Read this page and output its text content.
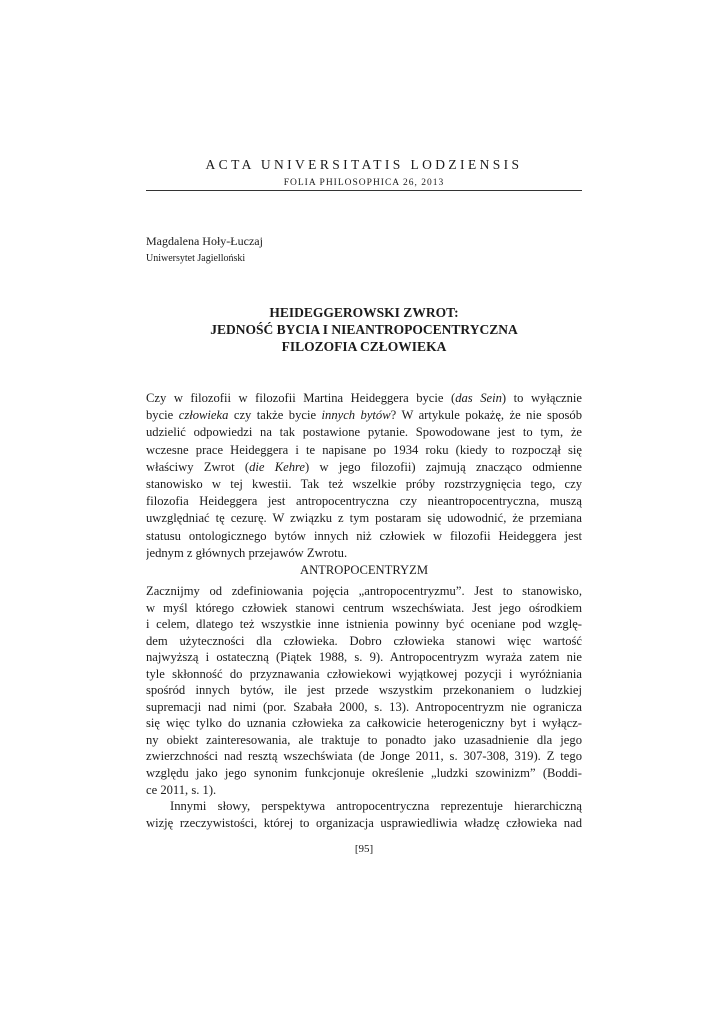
ACTA UNIVERSITATIS LODZIENSIS
FOLIA PHILOSOPHICA 26, 2013
Magdalena Hoły-Łuczaj
Uniwersytet Jagielloński
HEIDEGGEROWSKI ZWROT:
JEDNOŚĆ BYCIA I NIEANTROPOCENTRYCZNA
FILOZOFIA CZŁOWIEKA
Czy w filozofii w filozofii Martina Heideggera bycie (das Sein) to wyłącznie
bycie człowieka czy także bycie innych bytów? W artykule pokażę, że nie sposób
udzielić odpowiedzi na tak postawione pytanie. Spowodowane jest to tym, że
wczesne prace Heideggera i te napisane po 1934 roku (kiedy to rozpoczął się
właściwy Zwrot (die Kehre) w jego filozofii) zajmują znacząco odmienne
stanowisko w tej kwestii. Tak też wszelkie próby rozstrzygnięcia tego, czy
filozofia Heideggera jest antropocentryczna czy nieantropocentryczna, muszą
uwzględniać tę cezurę. W związku z tym postaram się udowodnić, że przemiana
statusu ontologicznego bytów innych niż człowiek w filozofii Heideggera jest
jednym z głównych przejawów Zwrotu.
ANTROPOCENTRYZM
Zacznijmy od zdefiniowania pojęcia „antropocentryzmu”. Jest to stanowisko,
w myśl którego człowiek stanowi centrum wszechświata. Jest jego ośrodkiem
i celem, dlatego też wszystkie inne istnienia powinny być oceniane pod wzglę-
dem użyteczności dla człowieka. Dobro człowieka stanowi więc wartość
najwyższą i ostateczną (Piątek 1988, s. 9). Antropocentryzm wyraża zatem nie
tyle skłonność do przyznawania człowiekowi wyjątkowej pozycji i wyróżniania
spośród innych bytów, ile jest przede wszystkim przekonaniem o ludzkiej
supremacji nad nimi (por. Szabała 2000, s. 13). Antropocentryzm nie ogranicza
się więc tylko do uznania człowieka za całkowicie heterogeniczny byt i wyłącz-
ny obiekt zainteresowania, ale traktuje to ponadto jako uzasadnienie dla jego
zwierzchności nad resztą wszechświata (de Jonge 2011, s. 307-308, 319). Z tego
względu jako jego synonim funkcjonuje określenie „ludzki szowinizm” (Boddi-
ce 2011, s. 1).
Innymi słowy, perspektywa antropocentryczna reprezentuje hierarchiczną
wizję rzeczywistości, której to organizacja usprawiedliwia władzę człowieka nad
[95]
